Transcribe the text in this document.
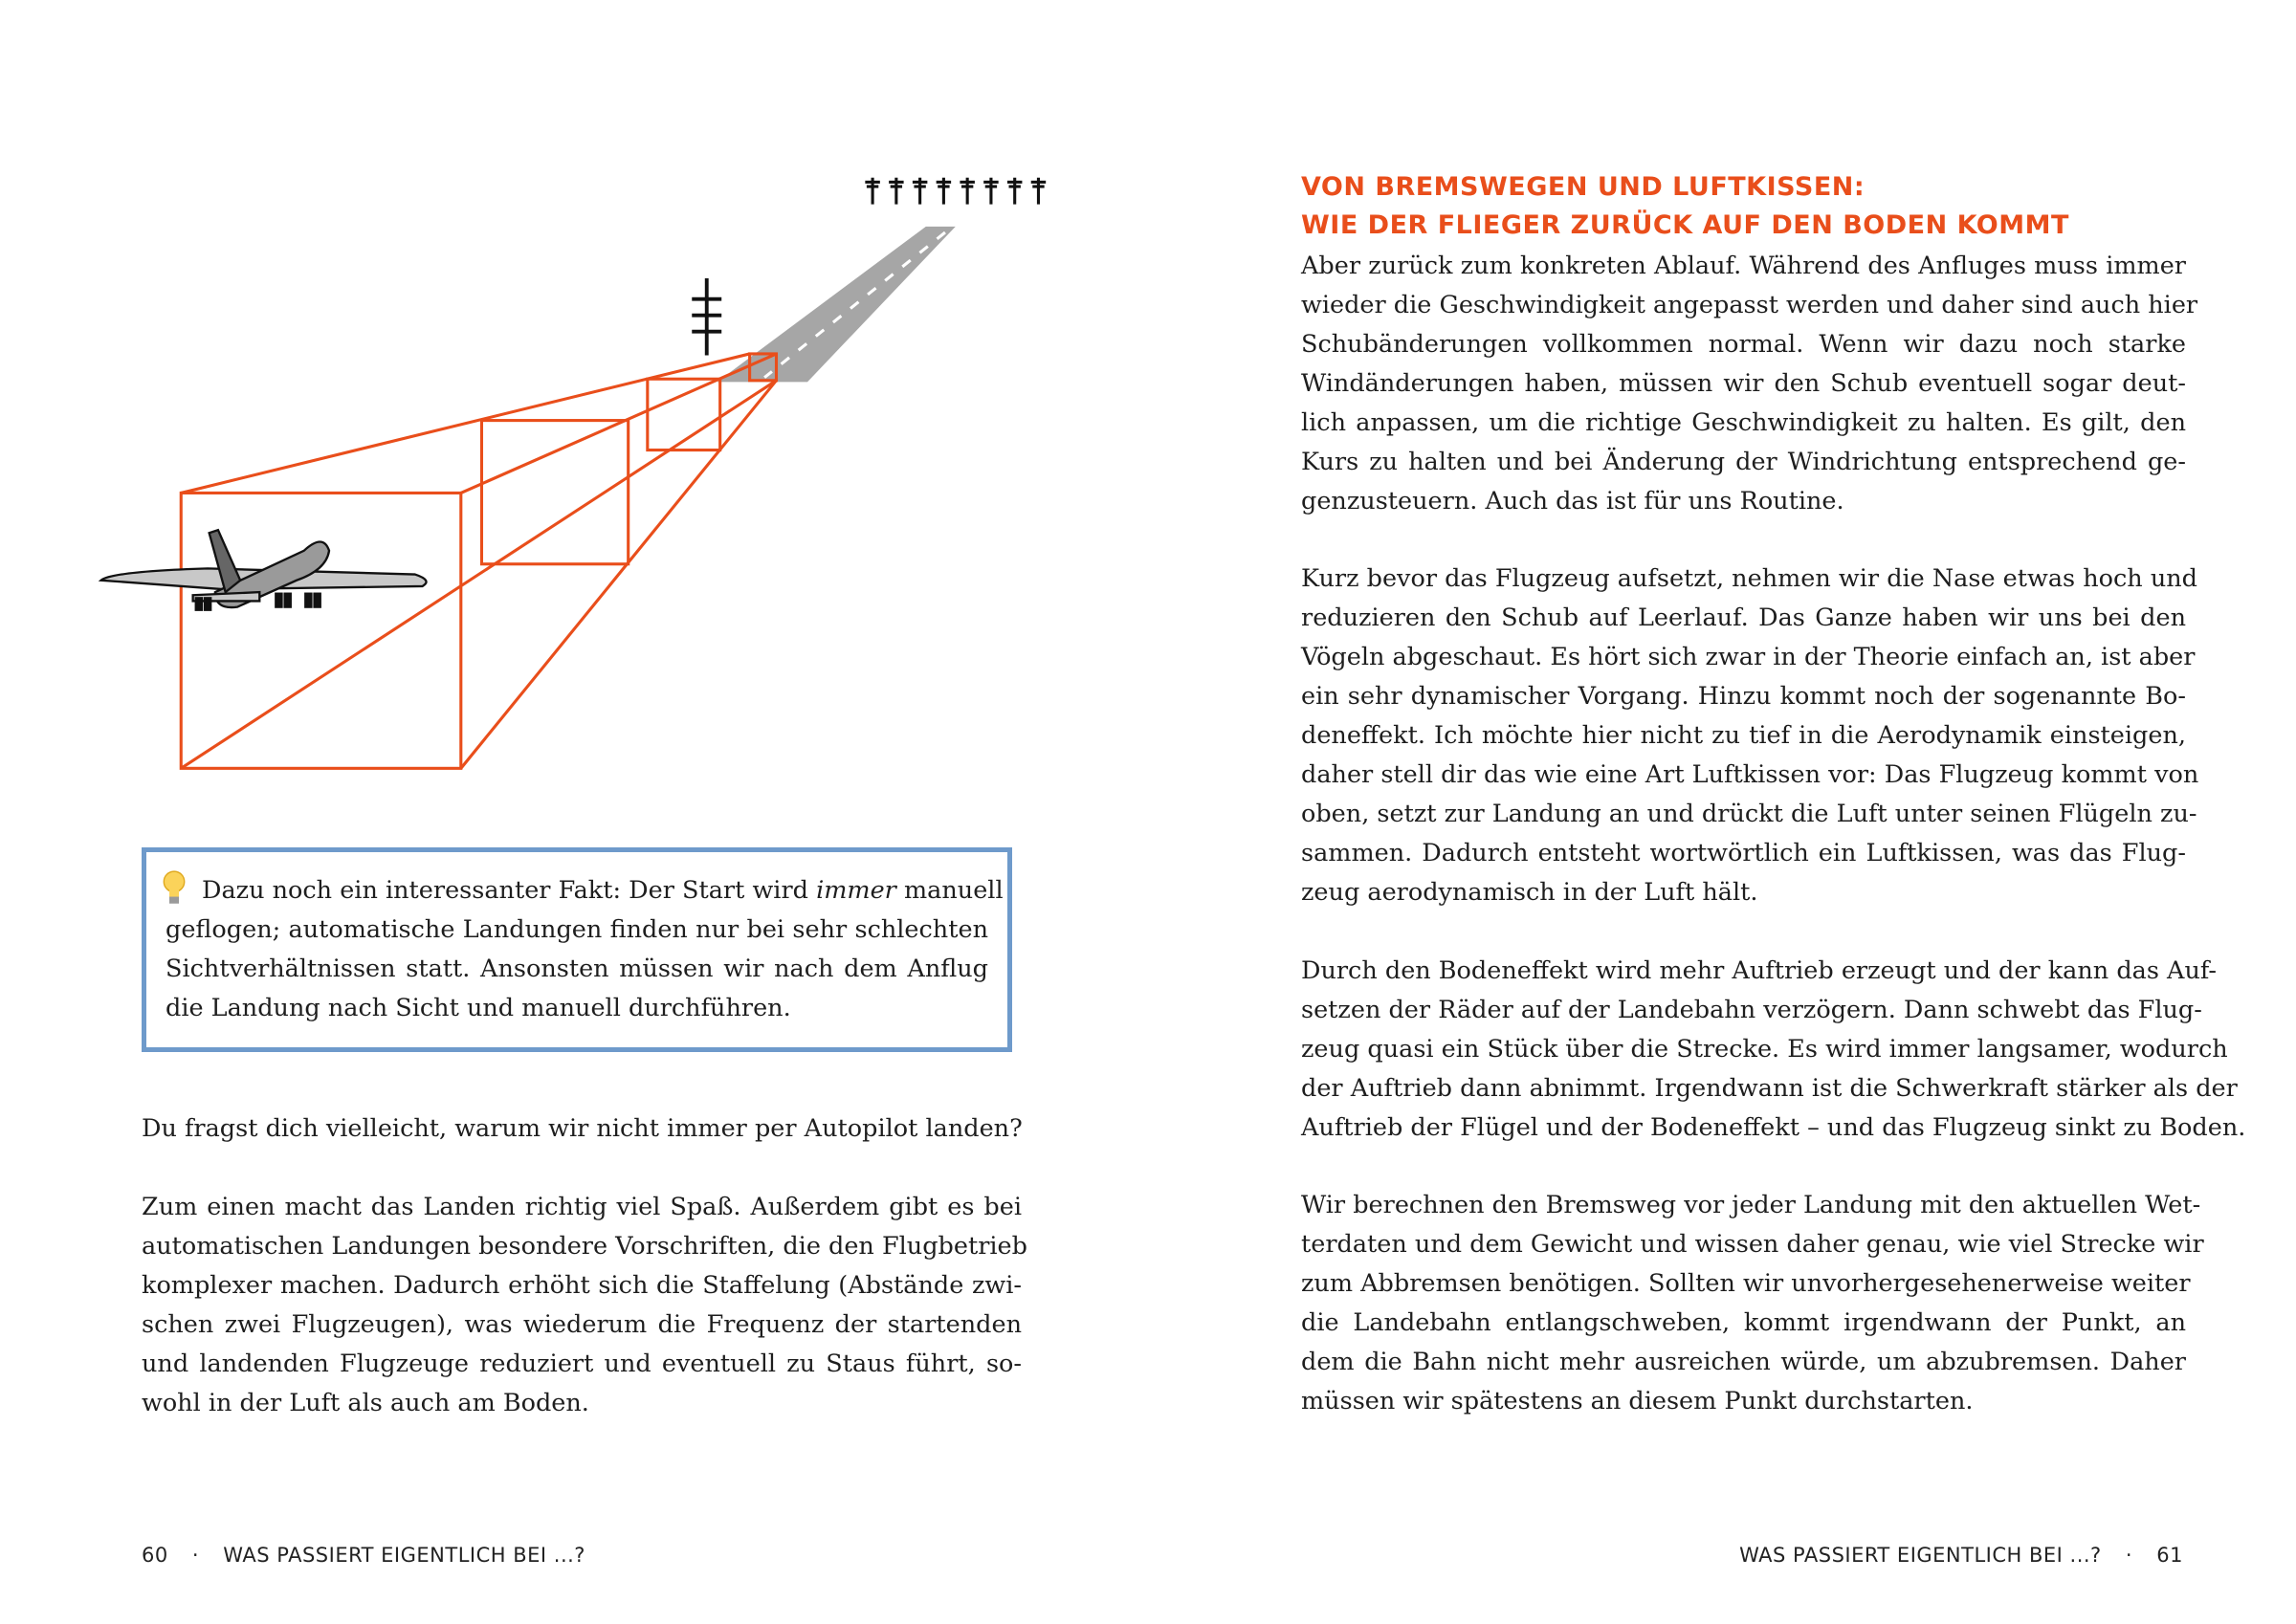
Dazu noch ein interessanter Fakt: Der Start wird immer manuell
geflogen; automatische Landungen finden nur bei sehr schlechten
Sichtverhältnissen statt. Ansonsten müssen wir nach dem Anflug
die Landung nach Sicht und manuell durchführen.
Du fragst dich vielleicht, warum wir nicht immer per Autopilot landen?
Zum einen macht das Landen richtig viel Spaß. Außerdem gibt es bei
automatischen Landungen besondere Vorschriften, die den Flugbetrieb
komplexer machen. Dadurch erhöht sich die Staffelung (Abstände zwi-
schen zwei Flugzeugen), was wiederum die Frequenz der startenden
und landenden Flugzeuge reduziert und eventuell zu Staus führt, so-
wohl in der Luft als auch am Boden.
60 · WAS PASSIERT EIGENTLICH BEI ...?
VON BREMSWEGEN UND LUFTKISSEN:
WIE DER FLIEGER ZURÜCK AUF DEN BODEN KOMMT
Aber zurück zum konkreten Ablauf. Während des Anfluges muss immer
wieder die Geschwindigkeit angepasst werden und daher sind auch hier
Schubänderungen vollkommen normal. Wenn wir dazu noch starke
Windänderungen haben, müssen wir den Schub eventuell sogar deut-
lich anpassen, um die richtige Geschwindigkeit zu halten. Es gilt, den
Kurs zu halten und bei Änderung der Windrichtung entsprechend ge-
genzusteuern. Auch das ist für uns Routine.
Kurz bevor das Flugzeug aufsetzt, nehmen wir die Nase etwas hoch und
reduzieren den Schub auf Leerlauf. Das Ganze haben wir uns bei den
Vögeln abgeschaut. Es hört sich zwar in der Theorie einfach an, ist aber
ein sehr dynamischer Vorgang. Hinzu kommt noch der sogenannte Bo-
deneffekt. Ich möchte hier nicht zu tief in die Aerodynamik einsteigen,
daher stell dir das wie eine Art Luftkissen vor: Das Flugzeug kommt von
oben, setzt zur Landung an und drückt die Luft unter seinen Flügeln zu-
sammen. Dadurch entsteht wortwörtlich ein Luftkissen, was das Flug-
zeug aerodynamisch in der Luft hält.
Durch den Bodeneffekt wird mehr Auftrieb erzeugt und der kann das Auf-
setzen der Räder auf der Landebahn verzögern. Dann schwebt das Flug-
zeug quasi ein Stück über die Strecke. Es wird immer langsamer, wodurch
der Auftrieb dann abnimmt. Irgendwann ist die Schwerkraft stärker als der
Auftrieb der Flügel und der Bodeneffekt – und das Flugzeug sinkt zu Boden.
Wir berechnen den Bremsweg vor jeder Landung mit den aktuellen Wet-
terdaten und dem Gewicht und wissen daher genau, wie viel Strecke wir
zum Abbremsen benötigen. Sollten wir unvorhergesehenerweise weiter
die Landebahn entlangschweben, kommt irgendwann der Punkt, an
dem die Bahn nicht mehr ausreichen würde, um abzubremsen. Daher
müssen wir spätestens an diesem Punkt durchstarten.
WAS PASSIERT EIGENTLICH BEI ...? · 61
